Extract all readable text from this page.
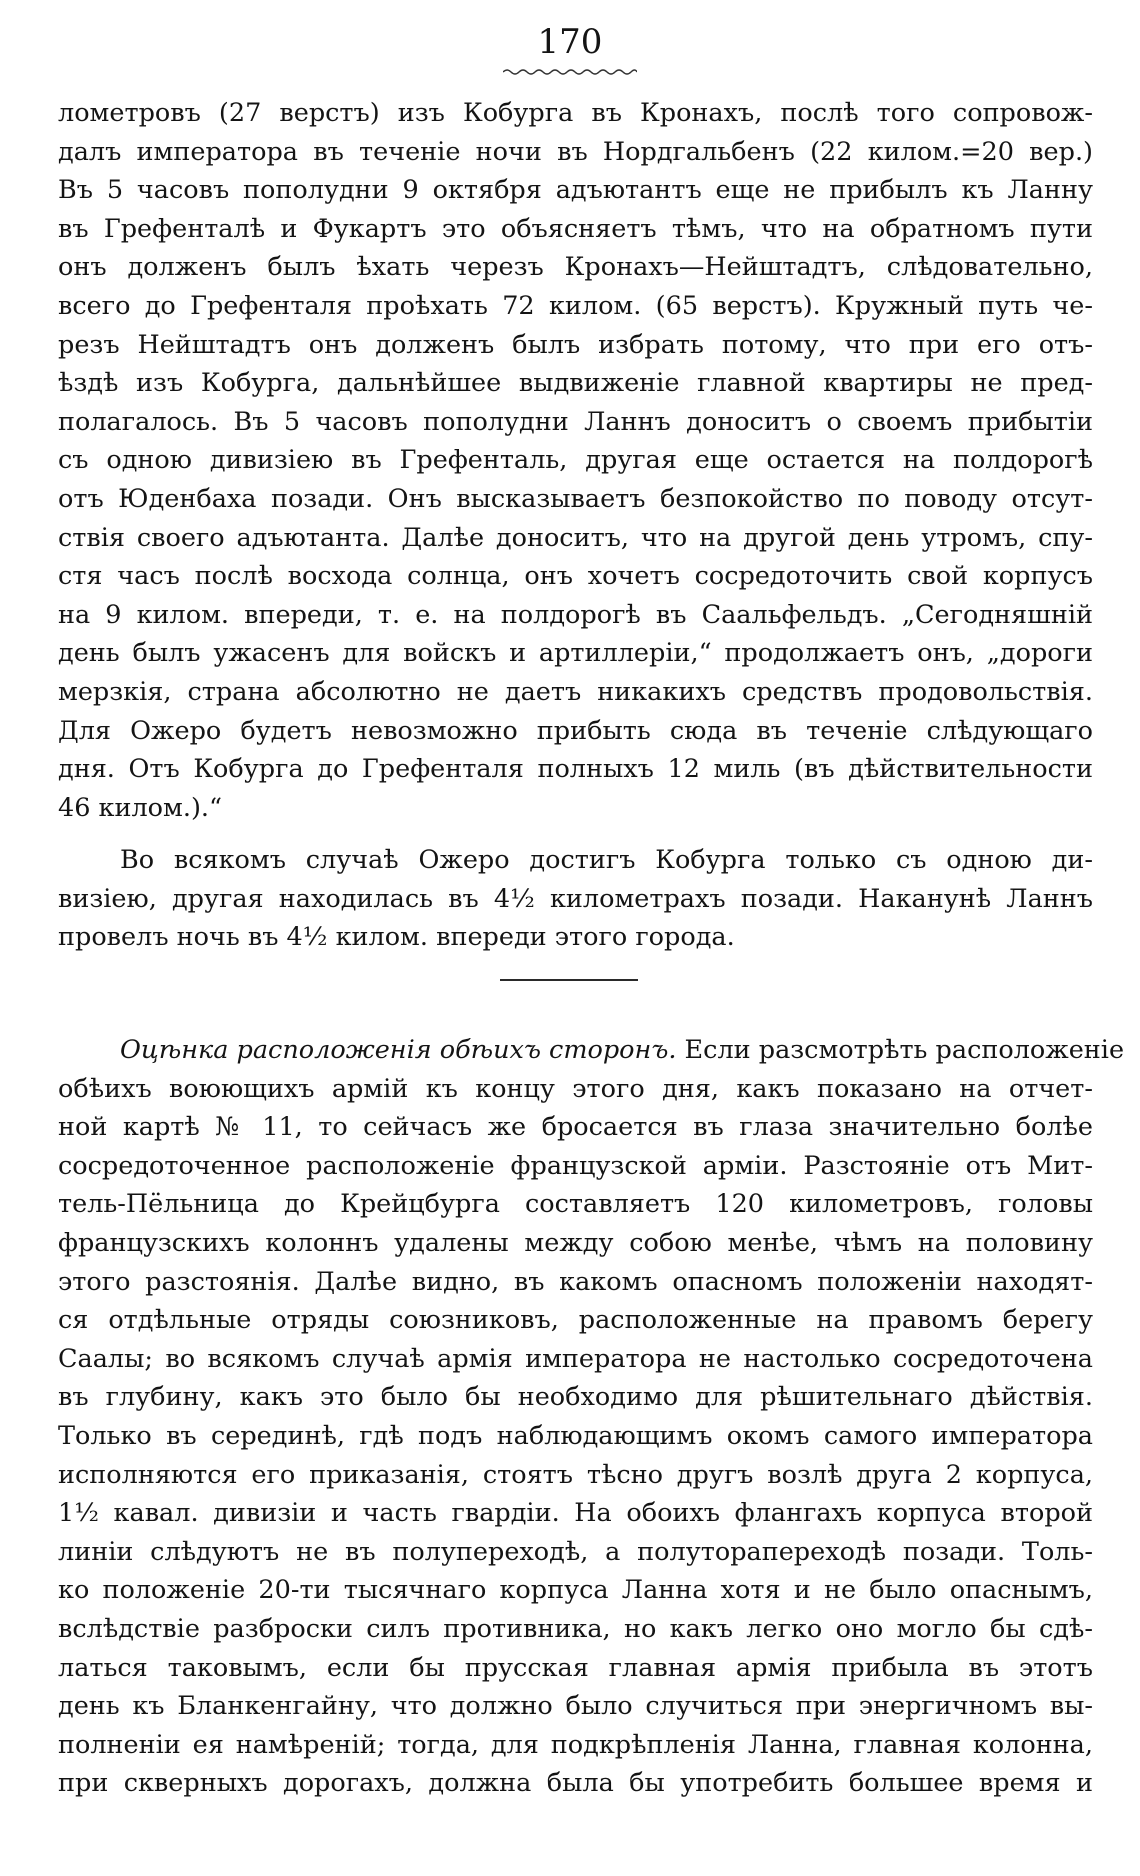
170
лометровъ (27 верстъ) изъ Кобурга въ Кронахъ, послѣ того сопровож-
далъ императора въ теченіе ночи въ Нордгальбенъ (22 килом.=20 вер.)
Въ 5 часовъ пополудни 9 октября адъютантъ еще не прибылъ къ Ланну
въ Грефенталѣ и Фукартъ это объясняетъ тѣмъ, что на обратномъ пути
онъ долженъ былъ ѣхать черезъ Кронахъ—Нейштадтъ, слѣдовательно,
всего до Грефенталя проѣхать 72 килом. (65 верстъ). Кружный путь че-
резъ Нейштадтъ онъ долженъ былъ избрать потому, что при его отъ-
ѣздѣ изъ Кобурга, дальнѣйшее выдвиженіе главной квартиры не пред-
полагалось. Въ 5 часовъ пополудни Ланнъ доноситъ о своемъ прибытіи
съ одною дивизіею въ Грефенталь, другая еще остается на полдорогѣ
отъ Юденбаха позади. Онъ высказываетъ безпокойство по поводу отсут-
ствія своего адъютанта. Далѣе доноситъ, что на другой день утромъ, спу-
стя часъ послѣ восхода солнца, онъ хочетъ сосредоточить свой корпусъ
на 9 килом. впереди, т. е. на полдорогѣ въ Саальфельдъ. „Сегодняшній
день былъ ужасенъ для войскъ и артиллеріи,“ продолжаетъ онъ, „дороги
мерзкія, страна абсолютно не даетъ никакихъ средствъ продовольствія.
Для Ожеро будетъ невозможно прибыть сюда въ теченіе слѣдующаго
дня. Отъ Кобурга до Грефенталя полныхъ 12 миль (въ дѣйствительности
46 килом.).“
Во всякомъ случаѣ Ожеро достигъ Кобурга только съ одною ди-
визіею, другая находилась въ 4½ километрахъ позади. Наканунѣ Ланнъ
провелъ ночь въ 4½ килом. впереди этого города.
Оцѣнка расположенія обѣихъ сторонъ. Если разсмотрѣть расположеніе
обѣихъ воюющихъ армій къ концу этого дня, какъ показано на отчет-
ной картѣ № 11, то сейчасъ же бросается въ глаза значительно болѣе
сосредоточенное расположеніе французской арміи. Разстояніе отъ Мит-
тель-Пёльница до Крейцбурга составляетъ 120 километровъ, головы
французскихъ колоннъ удалены между собою менѣе, чѣмъ на половину
этого разстоянія. Далѣе видно, въ какомъ опасномъ положеніи находят-
ся отдѣльные отряды союзниковъ, расположенные на правомъ берегу
Саалы; во всякомъ случаѣ армія императора не настолько сосредоточена
въ глубину, какъ это было бы необходимо для рѣшительнаго дѣйствія.
Только въ серединѣ, гдѣ подъ наблюдающимъ окомъ самого императора
исполняются его приказанія, стоятъ тѣсно другъ возлѣ друга 2 корпуса,
1½ кавал. дивизіи и часть гвардіи. На обоихъ флангахъ корпуса второй
линіи слѣдуютъ не въ полупереходѣ, а полуторапереходѣ позади. Толь-
ко положеніе 20-ти тысячнаго корпуса Ланна хотя и не было опаснымъ,
вслѣдствіе разброски силъ противника, но какъ легко оно могло бы сдѣ-
латься таковымъ, если бы прусская главная армія прибыла въ этотъ
день къ Бланкенгайну, что должно было случиться при энергичномъ вы-
полненіи ея намѣреній; тогда, для подкрѣпленія Ланна, главная колонна,
при скверныхъ дорогахъ, должна была бы употребить большее время и
